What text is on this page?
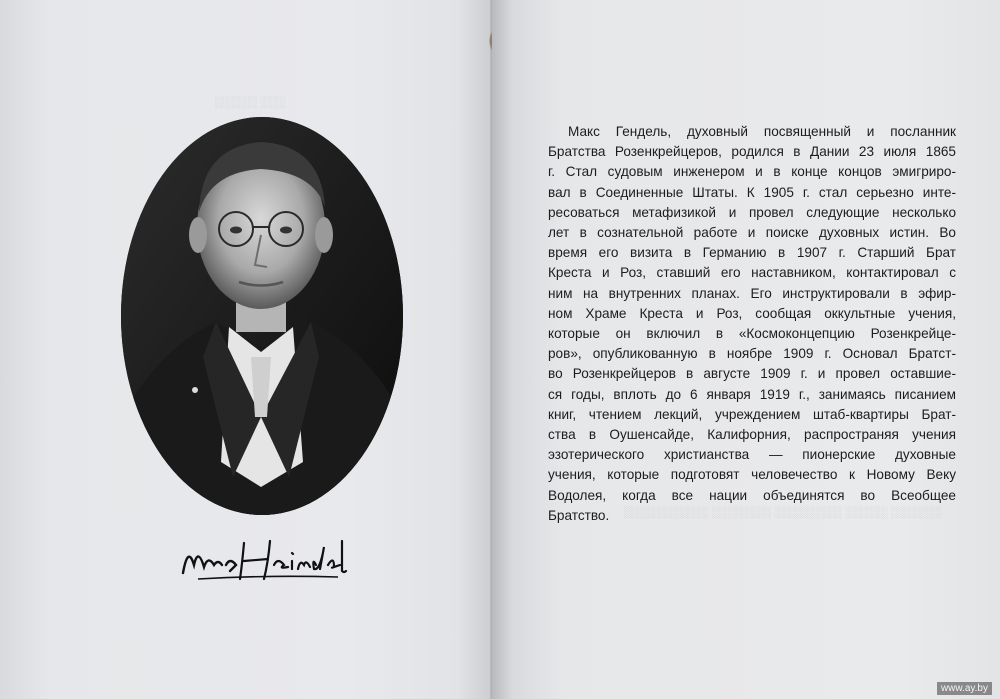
░░░ ░░░░░
░░░░░░ ░░░░░ ░░░░░░░░ ░░░░░░░ ░░░░░░░░░░
Макс Гендель, духовный посвященный и посланник
Братства Розенкрейцеров, родился в Дании 23 июля 1865
г. Стал судовым инженером и в конце концов эмигриро-
вал в Соединенные Штаты. К 1905 г. стал серьезно инте-
ресоваться метафизикой и провел следующие несколько
лет в сознательной работе и поиске духовных истин. Во
время его визита в Германию в 1907 г. Старший Брат
Креста и Роз, ставший его наставником, контактировал с
ним на внутренних планах. Его инструктировали в эфир-
ном Храме Креста и Роз, сообщая оккультные учения,
которые он включил в «Космоконцепцию Розенкрейце-
ров», опубликованную в ноябре 1909 г. Основал Братст-
во Розенкрейцеров в августе 1909 г. и провел оставшие-
ся годы, вплоть до 6 января 1919 г., занимаясь писанием
книг, чтением лекций, учреждением штаб-квартиры Брат-
ства в Оушенсайде, Калифорния, распространяя учения
эзотерического христианства — пионерские духовные
учения, которые подготовят человечество к Новому Веку
Водолея, когда все нации объединятся во Всеобщее
Братство.
www.ay.by
